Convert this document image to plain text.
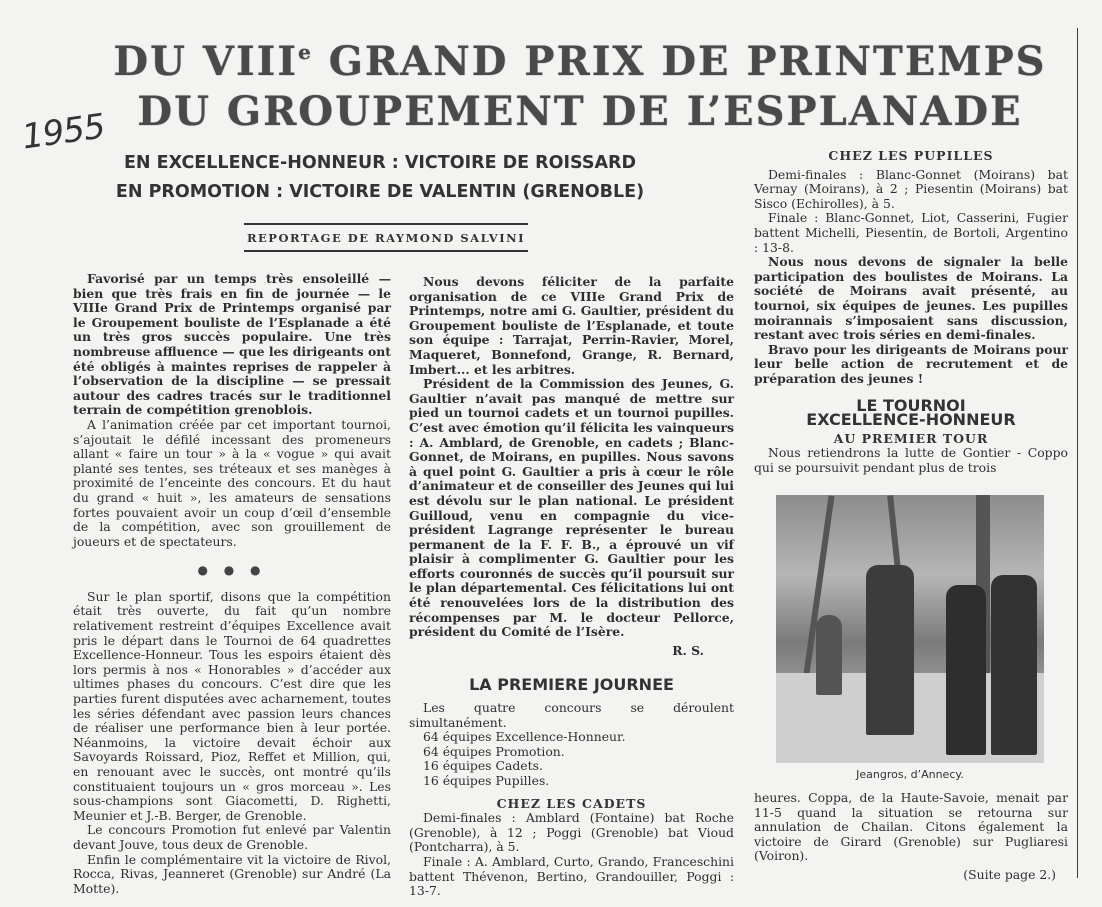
1955
DU VIIIe GRAND PRIX DE PRINTEMPS
DU GROUPEMENT DE L’ESPLANADE
EN EXCELLENCE-HONNEUR : VICTOIRE DE ROISSARD
EN PROMOTION : VICTOIRE DE VALENTIN (GRENOBLE)
REPORTAGE DE RAYMOND SALVINI

Favorisé par un temps très ensoleillé — bien que très frais en fin de journée — le VIIIe Grand Prix de Printemps organisé par le Groupement bouliste de l’Esplanade a été un très gros succès populaire. Une très nombreuse affluence — que les dirigeants ont été obligés à maintes reprises de rappeler à l’observation de la discipline — se pressait autour des cadres tracés sur le traditionnel terrain de compétition grenoblois.

A l’animation créée par cet important tournoi, s’ajoutait le défilé incessant des promeneurs allant « faire un tour » à la « vogue » qui avait planté ses tentes, ses tréteaux et ses manèges à proximité de l’enceinte des concours. Et du haut du grand « huit », les amateurs de sensations fortes pouvaient avoir un coup d’œil d’ensemble de la compétition, avec son grouillement de joueurs et de spectateurs.

● ● ●

Sur le plan sportif, disons que la compétition était très ouverte, du fait qu’un nombre relativement restreint d’équipes Excellence avait pris le départ dans le Tournoi de 64 quadrettes Excellence-Honneur. Tous les espoirs étaient dès lors permis à nos « Honorables » d’accéder aux ultimes phases du concours. C’est dire que les parties furent disputées avec acharnement, toutes les séries défendant avec passion leurs chances de réaliser une performance bien à leur portée. Néanmoins, la victoire devait échoir aux Savoyards Roissard, Pioz, Reffet et Million, qui, en renouant avec le succès, ont montré qu’ils constituaient toujours un « gros morceau ». Les sous-champions sont Giacometti, D. Righetti, Meunier et J.-B. Berger, de Grenoble.

Le concours Promotion fut enlevé par Valentin devant Jouve, tous deux de Grenoble.

Enfin le complémentaire vit la victoire de Rivol, Rocca, Rivas, Jeanneret (Grenoble) sur André (La Motte).

Nous devons féliciter de la parfaite organisation de ce VIIIe Grand Prix de Printemps, notre ami G. Gaultier, président du Groupement bouliste de l’Esplanade, et toute son équipe : Tarrajat, Perrin-Ravier, Morel, Maqueret, Bonnefond, Grange, R. Bernard, Imbert... et les arbitres.

Président de la Commission des Jeunes, G. Gaultier n’avait pas manqué de mettre sur pied un tournoi cadets et un tournoi pupilles. C’est avec émotion qu’il félicita les vainqueurs : A. Amblard, de Grenoble, en cadets ; Blanc-Gonnet, de Moirans, en pupilles. Nous savons à quel point G. Gaultier a pris à cœur le rôle d’animateur et de conseiller des Jeunes qui lui est dévolu sur le plan national. Le président Guilloud, venu en compagnie du vice-président Lagrange représenter le bureau permanent de la F. F. B., a éprouvé un vif plaisir à complimenter G. Gaultier pour les efforts couronnés de succès qu’il poursuit sur le plan départemental. Ces félicitations lui ont été renouvelées lors de la distribution des récompenses par M. le docteur Pellorce, président du Comité de l’Isère.

R. S.
LA PREMIERE JOURNEE

Les quatre concours se déroulent simultanément.

64 équipes Excellence-Honneur.

64 équipes Promotion.

16 équipes Cadets.

16 équipes Pupilles.

CHEZ LES CADETS

Demi-finales : Amblard (Fontaine) bat Roche (Grenoble), à 12 ; Poggi (Grenoble) bat Vioud (Pontcharra), à 5.

Finale : A. Amblard, Curto, Grando, Franceschini battent Thévenon, Bertino, Grandouiller, Poggi : 13-7.

CHEZ LES PUPILLES

Demi-finales : Blanc-Gonnet (Moirans) bat Vernay (Moirans), à 2 ; Piesentin (Moirans) bat Sisco (Echirolles), à 5.

Finale : Blanc-Gonnet, Liot, Casserini, Fugier battent Michelli, Piesentin, de Bortoli, Argentino : 13-8.

Nous nous devons de signaler la belle participation des boulistes de Moirans. La société de Moirans avait présenté, au tournoi, six équipes de jeunes. Les pupilles moirannais s’imposaient sans discussion, restant avec trois séries en demi-finales.

Bravo pour les dirigeants de Moirans pour leur belle action de recrutement et de préparation des jeunes !

LE TOURNOI
EXCELLENCE-HONNEUR
AU PREMIER TOUR

Nous retiendrons la lutte de Gontier - Coppo qui se poursuivit pendant plus de trois

Jeangros, d’Annecy.

heures. Coppa, de la Haute-Savoie, menait par 11-5 quand la situation se retourna sur annulation de Chailan. Citons également la victoire de Girard (Grenoble) sur Pugliaresi (Voiron).

(Suite page 2.)
